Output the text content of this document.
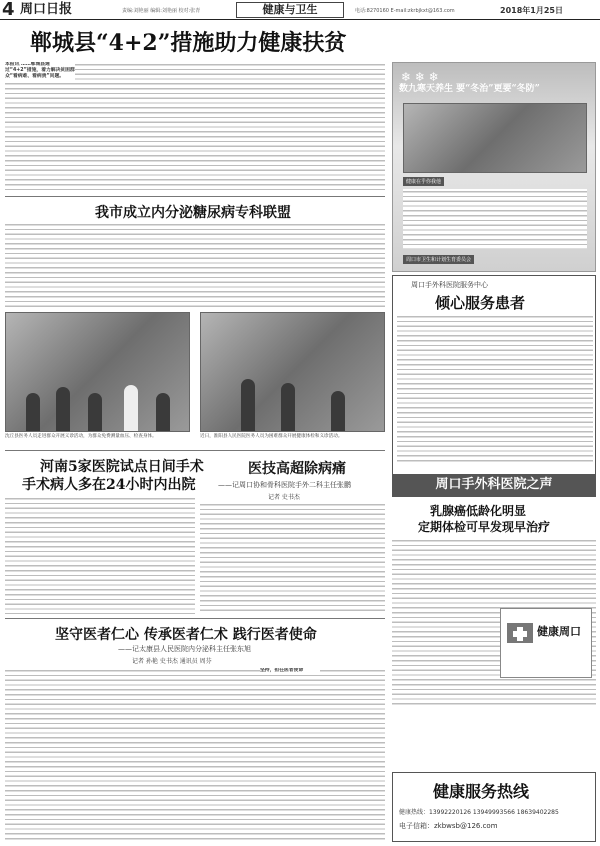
4 周口日报	责编:刘艳丽 编辑:刘艳丽 校对:张青	健康与卫生	电话:8270160 E-mail:zkrbjkxt@163.com	2018年1月25日
郸城县“4+2”措施助力健康扶贫
本报讯 ……郸城县通过“4+2”措施，着力解决贫困群众“看病难、看病贵”问题。
我市成立内分泌糖尿病专科联盟
沈丘县医务人员走进群众开展义诊活动，为群众免费测量血压、检查身体。	近日，淮阳县人民医院医务人员为困难群众开展健康体检和义诊活动。
河南5家医院试点日间手术
手术病人多在24小时内出院
医技高超除病痛
——记周口协和骨科医院手外二科主任张鹏
记者 史书杰
坚守医者仁心 传承医者仁术 践行医者使命
——记太康县人民医院内分泌科主任张东旭
记者 孙艳 史书杰 通讯员 周芬
坚持，担任医者使命
❄ ❄ ❄
数九寒天养生 要“冬治”更要“冬防”
健康在乎你我他
周口市卫生和计划生育委员会
周口手外科医院服务中心
倾心服务患者
周口手外科医院之声
乳腺癌低龄化明显
定期体检可早发现早治疗
健康周口
健康服务热线
健康热线：13992220126 13949993566 18639402285
电子信箱：zkbwsb@126.com
